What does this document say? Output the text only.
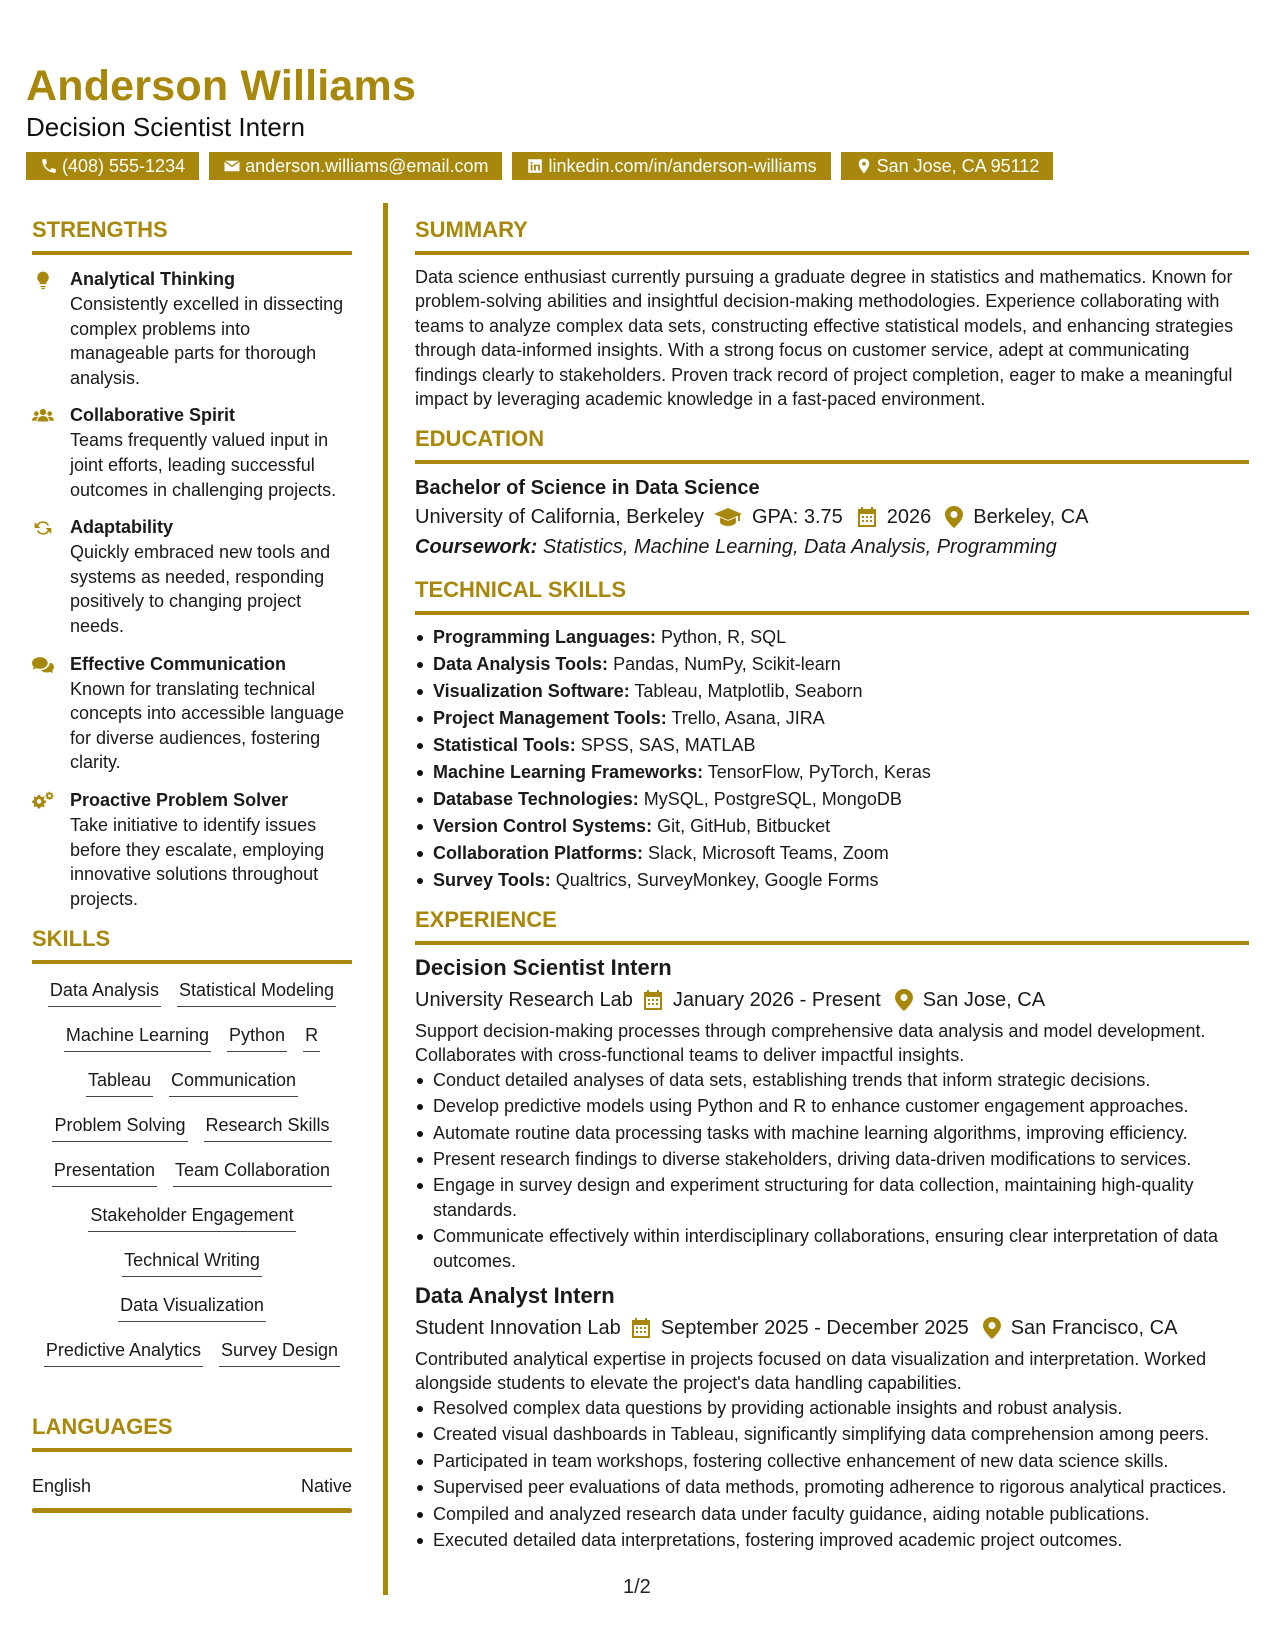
Anderson Williams
Decision Scientist Intern
(408) 555-1234	anderson.williams@email.com	linkedin.com/in/anderson-williams	San Jose, CA 95112
STRENGTHS
Analytical Thinking
Consistently excelled in dissecting complex problems into manageable parts for thorough analysis.
Collaborative Spirit
Teams frequently valued input in joint efforts, leading successful outcomes in challenging projects.
Adaptability
Quickly embraced new tools and systems as needed, responding positively to changing project needs.
Effective Communication
Known for translating technical concepts into accessible language for diverse audiences, fostering clarity.
Proactive Problem Solver
Take initiative to identify issues before they escalate, employing innovative solutions throughout projects.
SKILLS
Data Analysis Statistical Modeling
Machine Learning Python R
Tableau Communication
Problem Solving Research Skills
Presentation Team Collaboration
Stakeholder Engagement
Technical Writing
Data Visualization
Predictive Analytics Survey Design
LANGUAGES
English	Native
SUMMARY
Data science enthusiast currently pursuing a graduate degree in statistics and mathematics. Known for problem-solving abilities and insightful decision-making methodologies. Experience collaborating with teams to analyze complex data sets, constructing effective statistical models, and enhancing strategies through data-informed insights. With a strong focus on customer service, adept at communicating findings clearly to stakeholders. Proven track record of project completion, eager to make a meaningful impact by leveraging academic knowledge in a fast-paced environment.
EDUCATION
Bachelor of Science in Data Science
University of California, Berkeley GPA: 3.75 2026 Berkeley, CA
Coursework: Statistics, Machine Learning, Data Analysis, Programming
TECHNICAL SKILLS
Programming Languages: Python, R, SQL
Data Analysis Tools: Pandas, NumPy, Scikit-learn
Visualization Software: Tableau, Matplotlib, Seaborn
Project Management Tools: Trello, Asana, JIRA
Statistical Tools: SPSS, SAS, MATLAB
Machine Learning Frameworks: TensorFlow, PyTorch, Keras
Database Technologies: MySQL, PostgreSQL, MongoDB
Version Control Systems: Git, GitHub, Bitbucket
Collaboration Platforms: Slack, Microsoft Teams, Zoom
Survey Tools: Qualtrics, SurveyMonkey, Google Forms
EXPERIENCE
Decision Scientist Intern
University Research Lab January 2026 - Present San Jose, CA
Support decision-making processes through comprehensive data analysis and model development. Collaborates with cross-functional teams to deliver impactful insights.
Conduct detailed analyses of data sets, establishing trends that inform strategic decisions.
Develop predictive models using Python and R to enhance customer engagement approaches.
Automate routine data processing tasks with machine learning algorithms, improving efficiency.
Present research findings to diverse stakeholders, driving data-driven modifications to services.
Engage in survey design and experiment structuring for data collection, maintaining high-quality standards.
Communicate effectively within interdisciplinary collaborations, ensuring clear interpretation of data outcomes.
Data Analyst Intern
Student Innovation Lab September 2025 - December 2025 San Francisco, CA
Contributed analytical expertise in projects focused on data visualization and interpretation. Worked alongside students to elevate the project's data handling capabilities.
Resolved complex data questions by providing actionable insights and robust analysis.
Created visual dashboards in Tableau, significantly simplifying data comprehension among peers.
Participated in team workshops, fostering collective enhancement of new data science skills.
Supervised peer evaluations of data methods, promoting adherence to rigorous analytical practices.
Compiled and analyzed research data under faculty guidance, aiding notable publications.
Executed detailed data interpretations, fostering improved academic project outcomes.
1/2
